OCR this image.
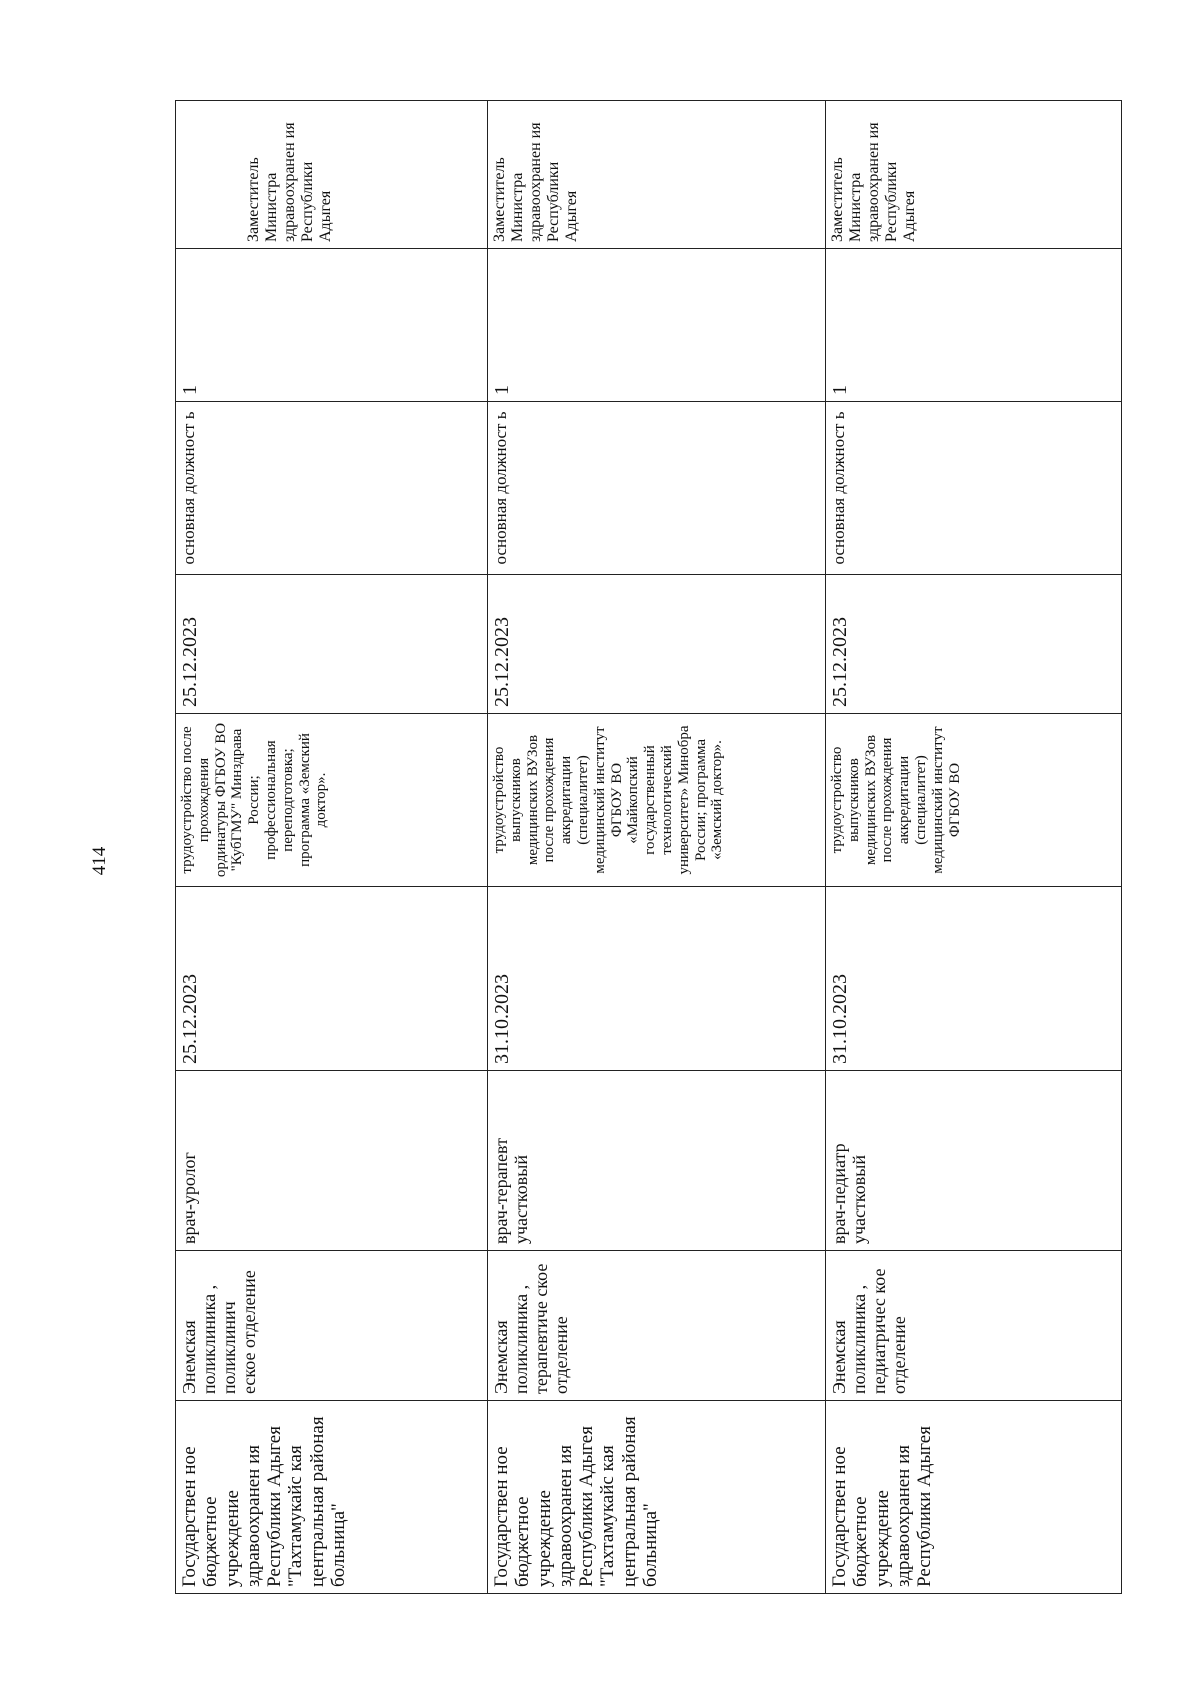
414
Государствен ное бюджетное учреждение здравоохранен ия Республики Адыгея "Тахтамукайс кая центральная районая больница"	Энемская поликлиника , поликлинич еское отделение	врач-уролог	25.12.2023	трудоустройство после прохождения ординатуры ФГБОУ ВО "КубГМУ" Минздрава России; профессиональная переподготовка; программа «Земский доктор».	25.12.2023	основная должност ь	1	Заместитель Министра здравоохранен ия Республики Адыгея

Государствен ное бюджетное учреждение здравоохранен ия Республики Адыгея "Тахтамукайс кая центральная районая больница"	Энемская поликлиника , терапевтиче ское отделение	врач-терапевт участковый	31.10.2023	трудоустройство выпускников медицинских ВУЗов после прохождения аккредитации (специалитет) медицинский институт ФГБОУ ВО «Майкопский государственный технологический университет» Минобра России; программа «Земский доктор».	25.12.2023	основная должност ь	1	Заместитель Министра здравоохранен ия Республики Адыгея

Государствен ное бюджетное учреждение здравоохранен ия Республики Адыгея	Энемская поликлиника , педиатричес кое отделение	врач-педиатр участковый	31.10.2023	трудоустройство выпускников медицинских ВУЗов после прохождения аккредитации (специалитет) медицинский институт ФГБОУ ВО	25.12.2023	основная должност ь	1	Заместитель Министра здравоохранен ия Республики Адыгея
